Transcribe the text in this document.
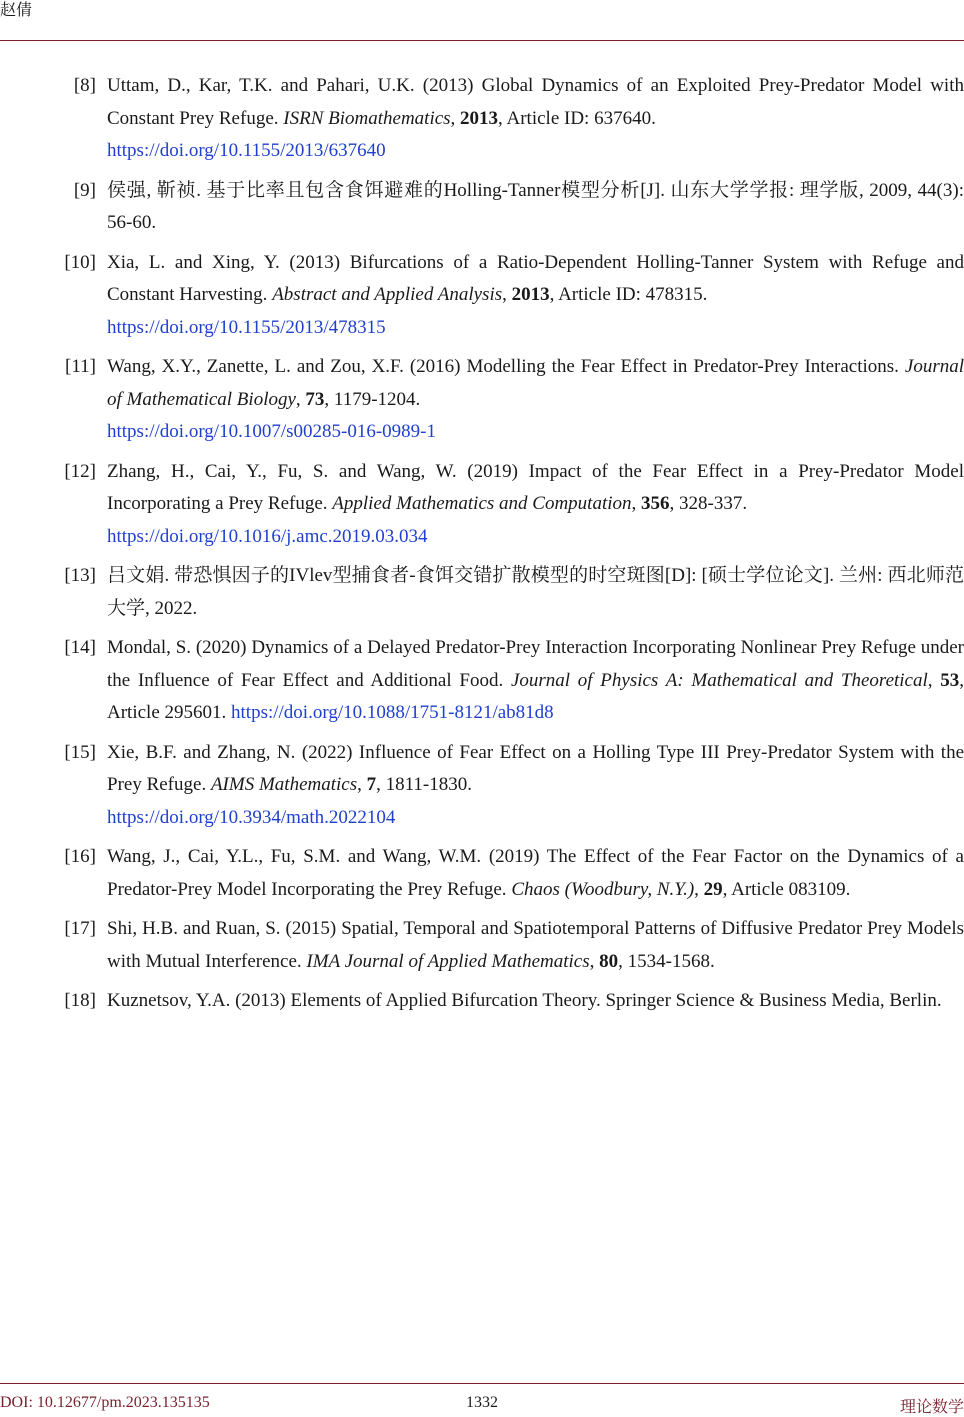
赵倩
[8] Uttam, D., Kar, T.K. and Pahari, U.K. (2013) Global Dynamics of an Exploited Prey-Predator Model with Constant Prey Refuge. ISRN Biomathematics, 2013, Article ID: 637640.
https://doi.org/10.1155/2013/637640
[9] 侯强, 靳祯. 基于比率且包含食饵避难的Holling-Tanner模型分析[J]. 山东大学学报: 理学版, 2009, 44(3): 56-60.
[10] Xia, L. and Xing, Y. (2013) Bifurcations of a Ratio-Dependent Holling-Tanner System with Refuge and Constant Harvesting. Abstract and Applied Analysis, 2013, Article ID: 478315.
https://doi.org/10.1155/2013/478315
[11] Wang, X.Y., Zanette, L. and Zou, X.F. (2016) Modelling the Fear Effect in Predator-Prey Interactions. Journal of Mathematical Biology, 73, 1179-1204.
https://doi.org/10.1007/s00285-016-0989-1
[12] Zhang, H., Cai, Y., Fu, S. and Wang, W. (2019) Impact of the Fear Effect in a Prey-Predator Model Incorporating a Prey Refuge. Applied Mathematics and Computation, 356, 328-337.
https://doi.org/10.1016/j.amc.2019.03.034
[13] 吕文娟. 带恐惧因子的IVlev型捕食者-食饵交错扩散模型的时空斑图[D]: [硕士学位论文]. 兰州: 西北师范大学, 2022.
[14] Mondal, S. (2020) Dynamics of a Delayed Predator-Prey Interaction Incorporating Nonlinear Prey Refuge under the Influence of Fear Effect and Additional Food. Journal of Physics A: Mathematical and Theoretical, 53, Article 295601. https://doi.org/10.1088/1751-8121/ab81d8
[15] Xie, B.F. and Zhang, N. (2022) Influence of Fear Effect on a Holling Type III Prey-Predator System with the Prey Refuge. AIMS Mathematics, 7, 1811-1830.
https://doi.org/10.3934/math.2022104
[16] Wang, J., Cai, Y.L., Fu, S.M. and Wang, W.M. (2019) The Effect of the Fear Factor on the Dynamics of a Predator-Prey Model Incorporating the Prey Refuge. Chaos (Woodbury, N.Y.), 29, Article 083109.
[17] Shi, H.B. and Ruan, S. (2015) Spatial, Temporal and Spatiotemporal Patterns of Diffusive Predator Prey Models with Mutual Interference. IMA Journal of Applied Mathematics, 80, 1534-1568.
[18] Kuznetsov, Y.A. (2013) Elements of Applied Bifurcation Theory. Springer Science & Business Media, Berlin.
DOI: 10.12677/pm.2023.135135	1332	理论数学
